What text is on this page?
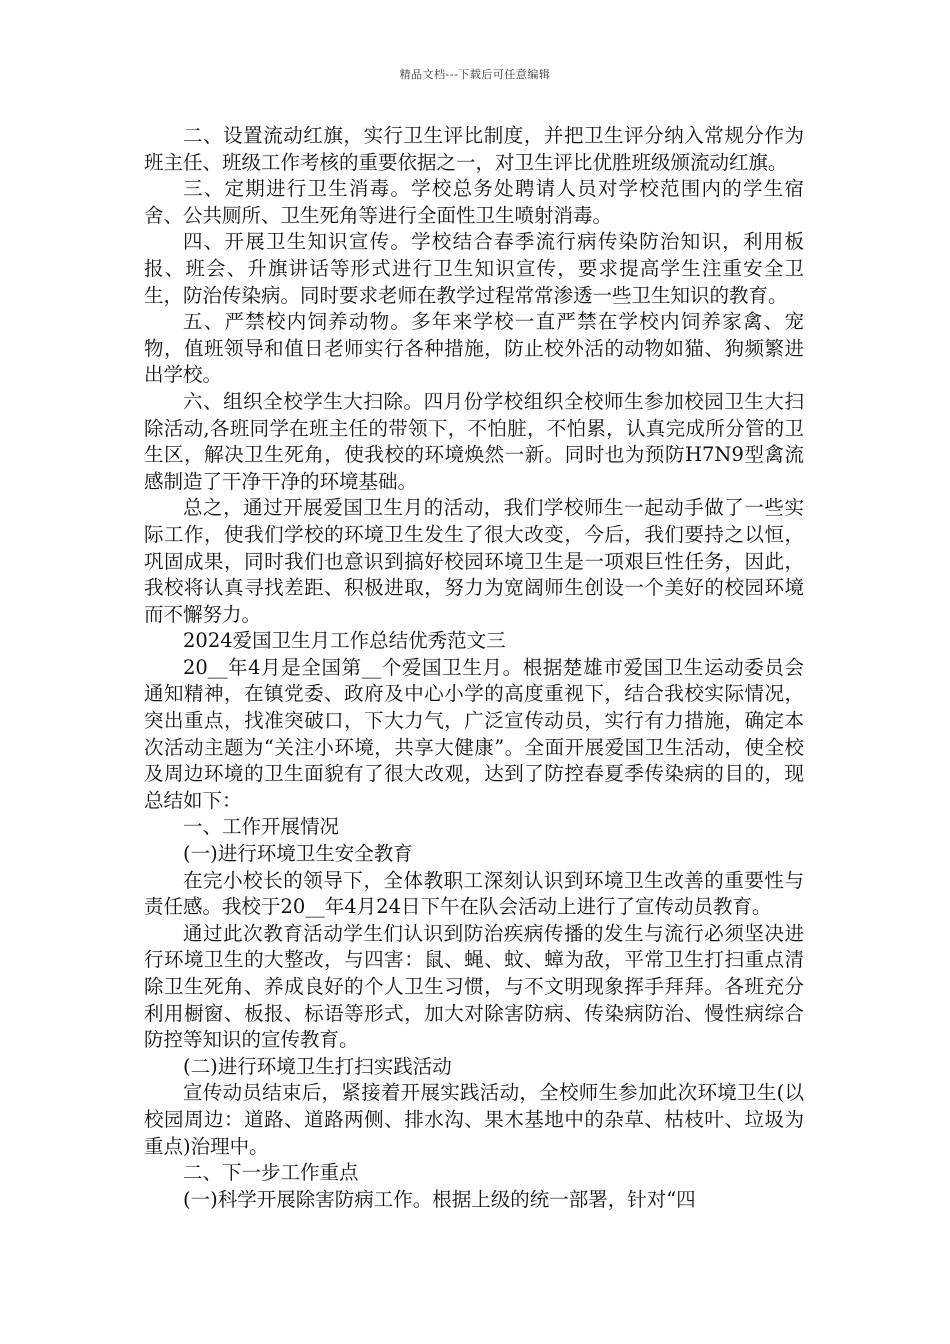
精品文档---下载后可任意编辑

二、设置流动红旗，实行卫生评比制度，并把卫生评分纳入常规分作为班主任、班级工作考核的重要依据之一，对卫生评比优胜班级颁流动红旗。

三、定期进行卫生消毒。学校总务处聘请人员对学校范围内的学生宿舍、公共厕所、卫生死角等进行全面性卫生喷射消毒。

四、开展卫生知识宣传。学校结合春季流行病传染防治知识，利用板报、班会、升旗讲话等形式进行卫生知识宣传，要求提高学生注重安全卫生，防治传染病。同时要求老师在教学过程常常渗透一些卫生知识的教育。

五、严禁校内饲养动物。多年来学校一直严禁在学校内饲养家禽、宠物，值班领导和值日老师实行各种措施，防止校外活的动物如猫、狗频繁进出学校。

六、组织全校学生大扫除。四月份学校组织全校师生参加校园卫生大扫除活动,各班同学在班主任的带领下，不怕脏，不怕累，认真完成所分管的卫生区，解决卫生死角，使我校的环境焕然一新。同时也为预防H7N9型禽流感制造了干净干净的环境基础。

总之，通过开展爱国卫生月的活动，我们学校师生一起动手做了一些实际工作，使我们学校的环境卫生发生了很大改变，今后，我们要持之以恒，巩固成果，同时我们也意识到搞好校园环境卫生是一项艰巨性任务，因此，我校将认真寻找差距、积极进取，努力为宽阔师生创设一个美好的校园环境而不懈努力。

2024爱国卫生月工作总结优秀范文三

20__年4月是全国第__个爱国卫生月。根据楚雄市爱国卫生运动委员会通知精神，在镇党委、政府及中心小学的高度重视下，结合我校实际情况，突出重点，找准突破口，下大力气，广泛宣传动员，实行有力措施，确定本次活动主题为“关注小环境，共享大健康”。全面开展爱国卫生活动，使全校及周边环境的卫生面貌有了很大改观，达到了防控春夏季传染病的目的，现总结如下：

一、工作开展情况

(一)进行环境卫生安全教育

在完小校长的领导下，全体教职工深刻认识到环境卫生改善的重要性与责任感。我校于20__年4月24日下午在队会活动上进行了宣传动员教育。

通过此次教育活动学生们认识到防治疾病传播的发生与流行必须坚决进行环境卫生的大整改，与四害：鼠、蝇、蚊、蟑为敌，平常卫生打扫重点清除卫生死角、养成良好的个人卫生习惯，与不文明现象挥手拜拜。各班充分利用橱窗、板报、标语等形式，加大对除害防病、传染病防治、慢性病综合防控等知识的宣传教育。

(二)进行环境卫生打扫实践活动

宣传动员结束后，紧接着开展实践活动，全校师生参加此次环境卫生(以校园周边：道路、道路两侧、排水沟、果木基地中的杂草、枯枝叶、垃圾为重点)治理中。

二、下一步工作重点

(一)科学开展除害防病工作。根据上级的统一部署，针对“四
